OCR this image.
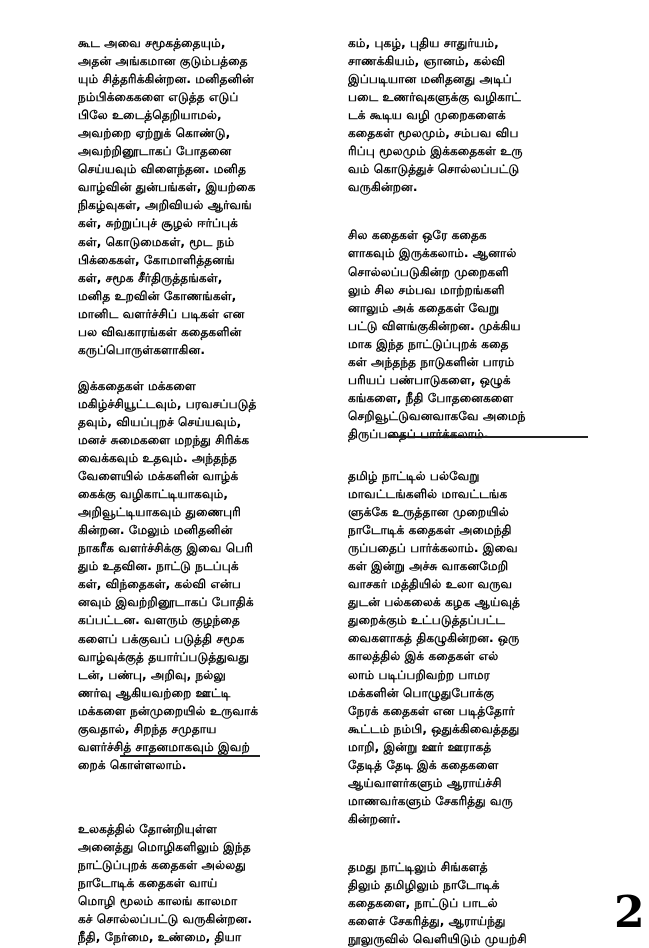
கூட அவை சமூகத்தையும்,
அதன் அங்கமான குடும்பத்தை
யும் சித்தரிக்கின்றன. மனிதனின்
நம்பிக்கைகளை எடுத்த எடுப்
பிலே உடைத்தெறியாமல்,
அவற்றை ஏற்றுக் கொண்டு,
அவற்றினூடாகப் போதனை
செய்யவும் விளைந்தன. மனித
வாழ்வின் துன்பங்கள், இயற்கை
நிகழ்வுகள், அறிவியல் ஆர்வங்
கள், சுற்றுப்புச் சூழல் ஈர்ப்புக்
கள், கொடுமைகள், மூட நம்
பிக்கைகள், கோமாளித்தனங்
கள், சமூக சீர்திருத்தங்கள்,
மனித உறவின் கோணங்கள்,
மானிட வளர்ச்சிப் படிகள் என
பல விவகாரங்கள் கதைகளின்
கருப்பொருள்களாகின.
இக்கதைகள் மக்களை
மகிழ்ச்சியூட்டவும், பரவசப்படுத்
தவும், வியப்புறச் செய்யவும்,
மனச் சுமைகளை மறந்து சிரிக்க
வைக்கவும் உதவும். அந்தந்த
வேளையில் மக்களின் வாழ்க்
கைக்கு வழிகாட்டியாகவும்,
அறிவூட்டியாகவும் துணைபுரி
கின்றன. மேலும் மனிதனின்
நாகரீக வளர்ச்சிக்கு இவை பெரி
தும் உதவின. நாட்டு நடப்புக்
கள், விந்தைகள், கல்வி என்ப
னவும் இவற்றினூடாகப் போதிக்
கப்பட்டன. வளரும் குழந்தை
களைப் பக்குவப் படுத்தி சமூக
வாழ்வுக்குத் தயார்ப்படுத்துவது
டன், பண்பு, அறிவு, நல்லு
ணர்வு ஆகியவற்றை ஊட்டி
மக்களை நன்முறையில் உருவாக்
குவதால், சிறந்த சமுதாய
வளர்ச்சித் சாதனமாகவும் இவற்
றைக் கொள்ளலாம்.
உலகத்தில் தோன்றியுள்ள
அனைத்து மொழிகளிலும் இந்த
நாட்டுப்புறக் கதைகள் அல்லது
நாடோடிக் கதைகள் வாய்
மொழி மூலம் காலங் காலமா
கச் சொல்லப்பட்டு வருகின்றன.
நீதி, நேர்மை, உண்மை, தியா
கம், புகழ், புதிய சாதுர்யம்,
சாணக்கியம், ஞானம், கல்வி
இப்படியான மனிதனது அடிப்
படை உணர்வுகளுக்கு வழிகாட்
டக் கூடிய வழி முறைகளைக்
கதைகள் மூலமும், சம்பவ விப
ரிப்பு மூலமும் இக்கதைகள் உரு
வம் கொடுத்துச் சொல்லப்பட்டு
வருகின்றன.
சில கதைகள் ஒரே கதைக
ளாகவும் இருக்கலாம். ஆனால்
சொல்லப்படுகின்ற முறைகளி
லும் சில சம்பவ மாற்றங்களி
னாலும் அக் கதைகள் வேறு
பட்டு விளங்குகின்றன. முக்கிய
மாக இந்த நாட்டுப்புறக் கதை
கள் அந்தந்த நாடுகளின் பாரம்
பரியப் பண்பாடுகளை, ஒழுக்
கங்களை, நீதி போதனைகளை
செறிவூட்டுவனவாகவே அமைந்
திருப்பதைப் பார்க்கலாம்.
தமிழ் நாட்டில் பல்வேறு
மாவட்டங்களில் மாவட்டங்க
ளுக்கே உருத்தான முறையில்
நாடோடிக் கதைகள் அமைந்தி
ருப்பதைப் பார்க்கலாம். இவை
கள் இன்று அச்சு வாகனமேறி
வாசகர் மத்தியில் உலா வருவ
துடன் பல்கலைக் கழக ஆய்வுத்
துறைக்கும் உட்படுத்தப்பட்ட
வைகளாகத் திகழுகின்றன. ஒரு
காலத்தில் இக் கதைகள் எல்
லாம் படிப்பறிவற்ற பாமர
மக்களின் பொழுதுபோக்கு
நேரக் கதைகள் என படித்தோர்
கூட்டம் நம்பி, ஒதுக்கிவைத்தது
மாறி, இன்று ஊர் ஊராகத்
தேடித் தேடி இக் கதைகளை
ஆய்வாளர்களும் ஆராய்ச்சி
மாணவர்களும் சேகரித்து வரு
கின்றனர்.
தமது நாட்டிலும் சிங்களத்
திலும் தமிழிலும் நாடோடிக்
கதைகளை, நாட்டுப் பாடல்
களைச் சேகரித்து, ஆராய்ந்து
நூலுருவில் வெளியிடும் முயற்சி
2
